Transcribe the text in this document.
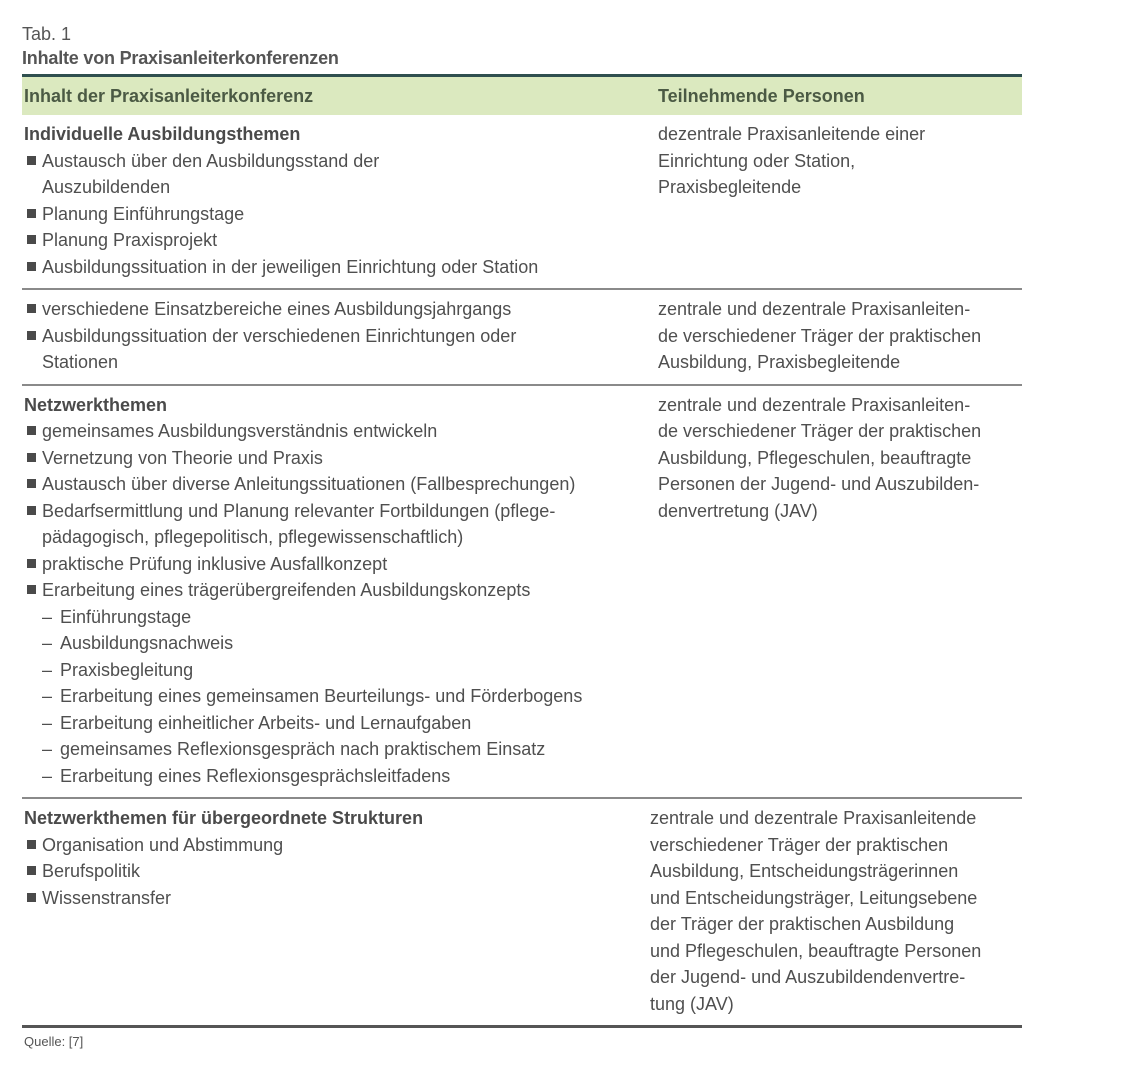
Tab. 1
Inhalte von Praxisanleiterkonferenzen
Inhalt der Praxisanleiterkonferenz	Teilnehmende Personen
Individuelle Ausbildungsthemen
Austausch über den Ausbildungsstand der
Auszubildenden
Planung Einführungstage
Planung Praxisprojekt
Ausbildungssituation in der jeweiligen Einrichtung oder Station
dezentrale Praxisanleitende einer
Einrichtung oder Station,
Praxisbegleitende
verschiedene Einsatzbereiche eines Ausbildungsjahrgangs
Ausbildungssituation der verschiedenen Einrichtungen oder
Stationen
zentrale und dezentrale Praxisanleiten-
de verschiedener Träger der praktischen
Ausbildung, Praxisbegleitende
Netzwerkthemen
gemeinsames Ausbildungsverständnis entwickeln
Vernetzung von Theorie und Praxis
Austausch über diverse Anleitungssituationen (Fallbesprechungen)
Bedarfsermittlung und Planung relevanter Fortbildungen (pflege-
pädagogisch, pflegepolitisch, pflegewissenschaftlich)
praktische Prüfung inklusive Ausfallkonzept
Erarbeitung eines trägerübergreifenden Ausbildungskonzepts
– Einführungstage
– Ausbildungsnachweis
– Praxisbegleitung
– Erarbeitung eines gemeinsamen Beurteilungs- und Förderbogens
– Erarbeitung einheitlicher Arbeits- und Lernaufgaben
– gemeinsames Reflexionsgespräch nach praktischem Einsatz
– Erarbeitung eines Reflexionsgesprächsleitfadens
zentrale und dezentrale Praxisanleiten-
de verschiedener Träger der praktischen
Ausbildung, Pflegeschulen, beauftragte
Personen der Jugend- und Auszubilden-
denvertretung (JAV)
Netzwerkthemen für übergeordnete Strukturen
Organisation und Abstimmung
Berufspolitik
Wissenstransfer
zentrale und dezentrale Praxisanleitende
verschiedener Träger der praktischen
Ausbildung, Entscheidungsträgerinnen
und Entscheidungsträger, Leitungsebene
der Träger der praktischen Ausbildung
und Pflegeschulen, beauftragte Personen
der Jugend- und Auszubildendenvertre-
tung (JAV)
Quelle: [7]
